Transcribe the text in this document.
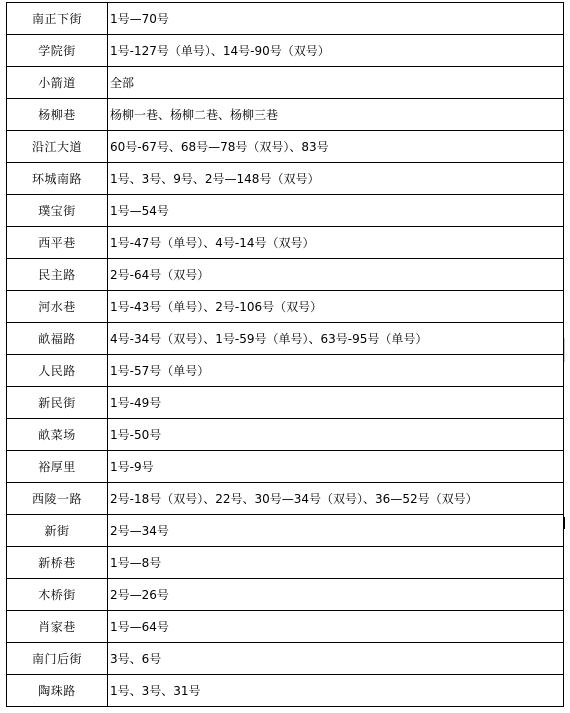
南正下街	1号—70号
学院街	1号-127号（单号）、14号-90号（双号）
小箭道	全部
杨柳巷	杨柳一巷、杨柳二巷、杨柳三巷
沿江大道	60号-67号、68号—78号（双号）、83号
环城南路	1号、3号、9号、2号—148号（双号）
璞宝街	1号—54号
西平巷	1号-47号（单号）、4号-14号（双号）
民主路	2号-64号（双号）
河水巷	1号-43号（单号）、2号-106号（双号）
畝福路	4号-34号（双号）、1号-59号（单号）、63号-95号（单号）
人民路	1号-57号（单号）
新民街	1号-49号
畝菜场	1号-50号
裕厚里	1号-9号
西陵一路	2号-18号（双号）、22号、30号—34号（双号）、36—52号（双号）
新街	2号—34号
新桥巷	1号—8号
木桥街	2号—26号
肖家巷	1号—64号
南门后街	3号、6号
陶珠路	1号、3号、31号
